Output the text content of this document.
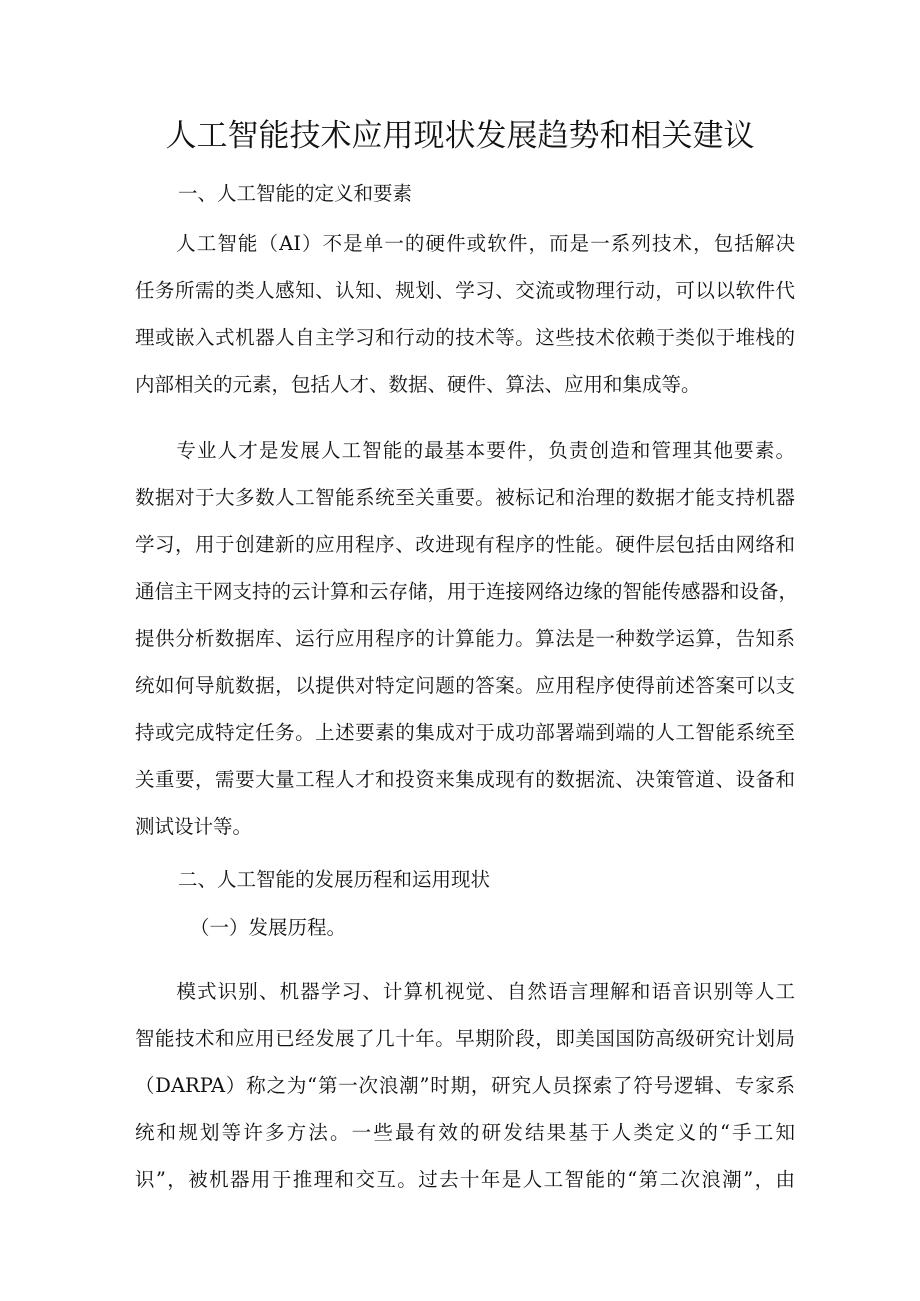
人工智能技术应用现状发展趋势和相关建议
一、人工智能的定义和要素
　　人工智能（AI）不是单一的硬件或软件，而是一系列技术，包括解决
任务所需的类人感知、认知、规划、学习、交流或物理行动，可以以软件代
理或嵌入式机器人自主学习和行动的技术等。这些技术依赖于类似于堆栈的
内部相关的元素，包括人才、数据、硬件、算法、应用和集成等。
　　专业人才是发展人工智能的最基本要件，负责创造和管理其他要素。
数据对于大多数人工智能系统至关重要。被标记和治理的数据才能支持机器
学习，用于创建新的应用程序、改进现有程序的性能。硬件层包括由网络和
通信主干网支持的云计算和云存储，用于连接网络边缘的智能传感器和设备，
提供分析数据库、运行应用程序的计算能力。算法是一种数学运算，告知系
统如何导航数据，以提供对特定问题的答案。应用程序使得前述答案可以支
持或完成特定任务。上述要素的集成对于成功部署端到端的人工智能系统至
关重要，需要大量工程人才和投资来集成现有的数据流、决策管道、设备和
测试设计等。
二、人工智能的发展历程和运用现状
（一）发展历程。
　　模式识别、机器学习、计算机视觉、自然语言理解和语音识别等人工
智能技术和应用已经发展了几十年。早期阶段，即美国国防高级研究计划局
（DARPA）称之为“第一次浪潮”时期，研究人员探索了符号逻辑、专家系
统和规划等许多方法。一些最有效的研发结果基于人类定义的“手工知
识”，被机器用于推理和交互。过去十年是人工智能的“第二次浪潮”，由
